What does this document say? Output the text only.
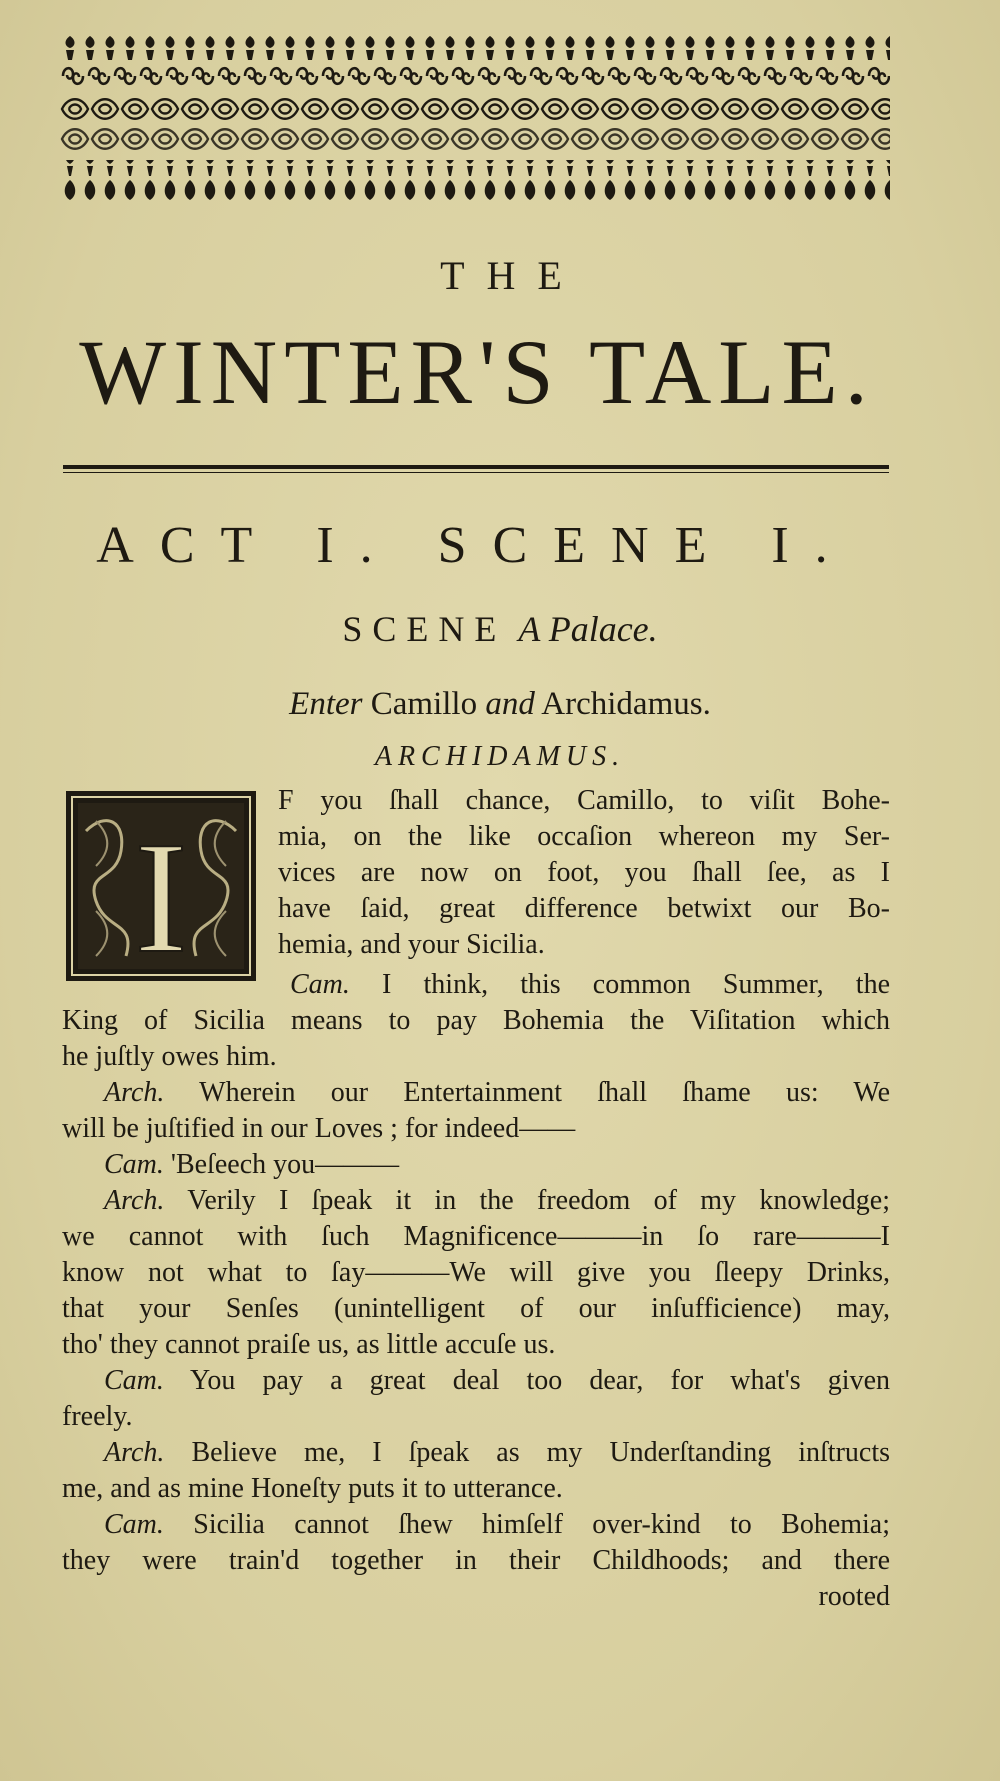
THE
WINTER'S TALE.
ACT I. SCENE I.
SCENE A Palace.
Enter Camillo and Archidamus.
ARCHIDAMUS.
I
F you ſhall chance, Camillo, to viſit Bohe-
mia, on the like occaſion whereon my Ser-
vices are now on foot, you ſhall ſee, as I
have ſaid, great difference betwixt our Bo-
hemia, and your Sicilia.
Cam. I think, this common Summer, the
King of Sicilia means to pay Bohemia the Viſitation which
he juſtly owes him.
Arch. Wherein our Entertainment ſhall ſhame us: We
will be juſtified in our Loves ; for indeed——
Cam. 'Beſeech you———
Arch. Verily I ſpeak it in the freedom of my knowledge;
we cannot with ſuch Magnificence———in ſo rare———I
know not what to ſay———We will give you ſleepy Drinks,
that your Senſes (unintelligent of our inſufficience) may,
tho' they cannot praiſe us, as little accuſe us.
Cam. You pay a great deal too dear, for what's given
freely.
Arch. Believe me, I ſpeak as my Underſtanding inſtructs
me, and as mine Honeſty puts it to utterance.
Cam. Sicilia cannot ſhew himſelf over-kind to Bohemia;
they were train'd together in their Childhoods; and there
rooted
